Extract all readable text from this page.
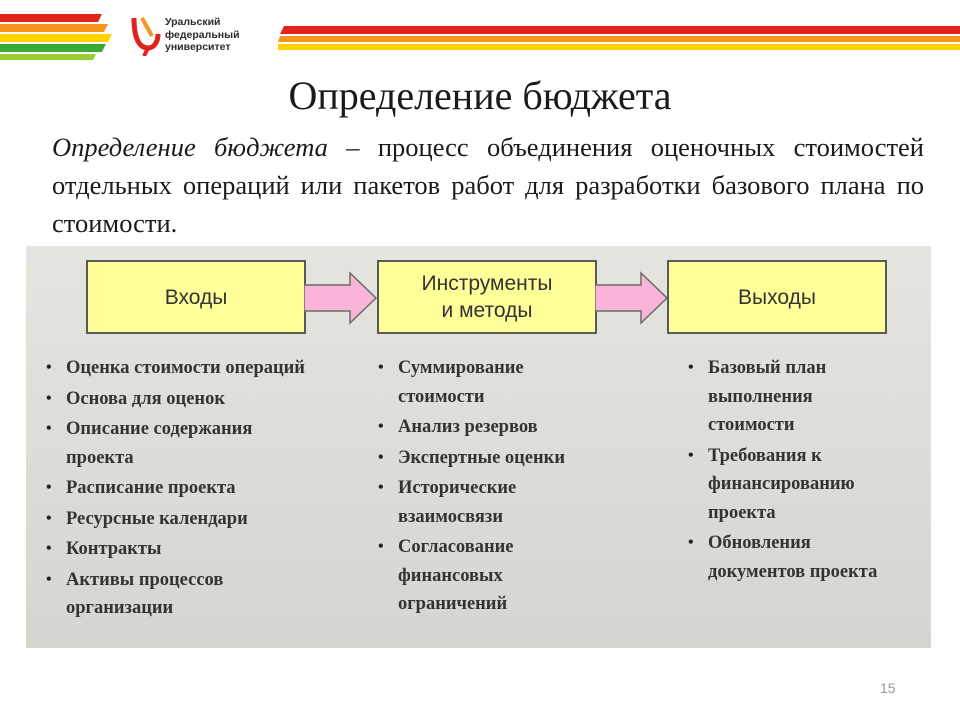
Уральский
федеральный
университет
Определение бюджета
Определение бюджета – процесс объединения оценочных стоимостей отдельных операций или пакетов работ для разработки базового плана по стоимости.
Входы
Инструменты
и методы
Выходы
• Оценка стоимости операций
• Основа для оценок
• Описание содержания
проекта
• Расписание проекта
• Ресурсные календари
• Контракты
• Активы процессов
организации
• Суммирование
стоимости
• Анализ резервов
• Экспертные оценки
• Исторические
взаимосвязи
• Согласование
финансовых
ограничений
• Базовый план
выполнения
стоимости
• Требования к
финансированию
проекта
• Обновления
документов проекта
15
